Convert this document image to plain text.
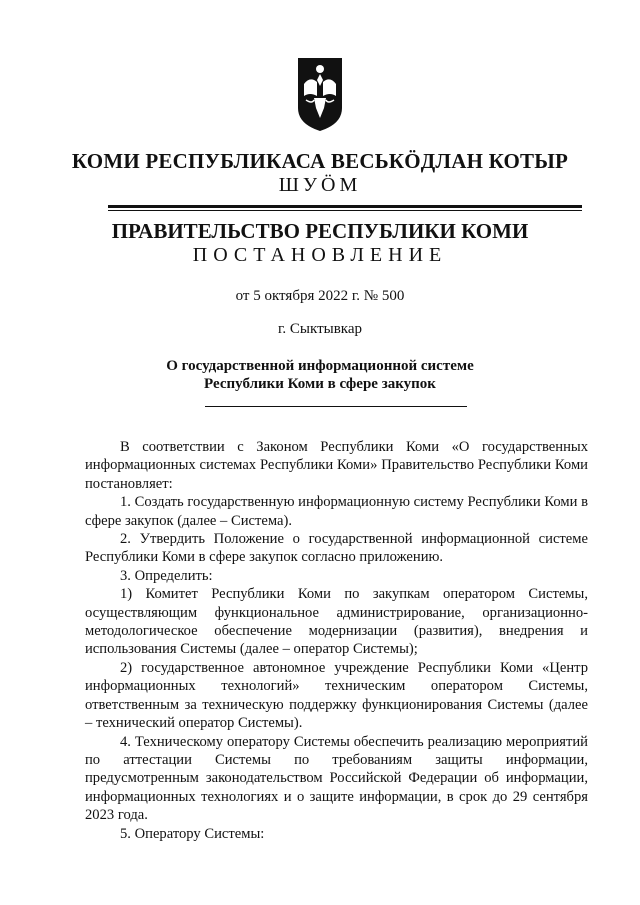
КОМИ РЕСПУБЛИКАСА ВЕСЬКӦДЛАН КОТЫР
ШУӦМ
ПРАВИТЕЛЬСТВО РЕСПУБЛИКИ КОМИ
ПОСТАНОВЛЕНИЕ
от 5 октября 2022 г. № 500
г. Сыктывкар
О государственной информационной системе
Республики Коми в сфере закупок

В соответствии с Законом Республики Коми «О государственных информационных системах Республики Коми» Правительство Республики Коми постановляет:

1. Создать государственную информационную систему Республики Коми в сфере закупок (далее – Система).

2. Утвердить Положение о государственной информационной системе Республики Коми в сфере закупок согласно приложению.

3. Определить:

1) Комитет Республики Коми по закупкам оператором Системы, осуществляющим функциональное администрирование, организационно-методологическое обеспечение модернизации (развития), внедрения и использования Системы (далее – оператор Системы);

2) государственное автономное учреждение Республики Коми «Центр информационных технологий» техническим оператором Системы, ответственным за техническую поддержку функционирования Системы (далее – технический оператор Системы).

4. Техническому оператору Системы обеспечить реализацию мероприятий по аттестации Системы по требованиям защиты информации, предусмотренным законодательством Российской Федерации об информации, информационных технологиях и о защите информации, в срок до 29 сентября 2023 года.

5. Оператору Системы:
